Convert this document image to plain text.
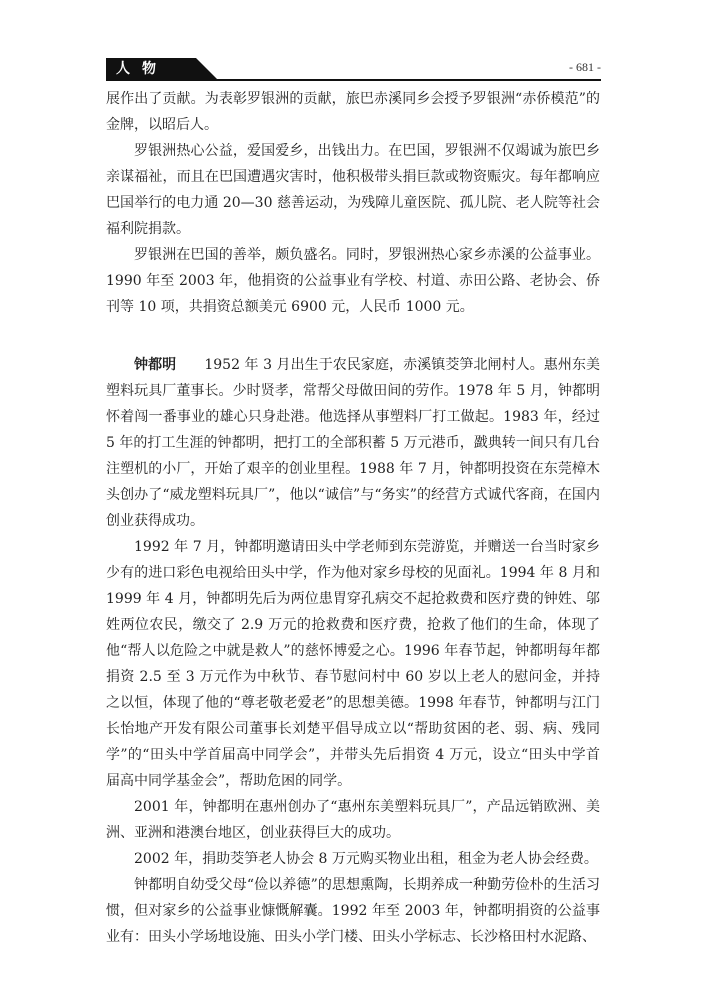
人物	- 681 -

展作出了贡献。为表彰罗银洲的贡献，旅巴赤溪同乡会授予罗银洲“赤侨模范”的金牌，以昭后人。

罗银洲热心公益，爱国爱乡，出钱出力。在巴国，罗银洲不仅竭诚为旅巴乡亲谋福祉，而且在巴国遭遇灾害时，他积极带头捐巨款或物资赈灾。每年都响应巴国举行的电力通 20—30 慈善运动，为残障儿童医院、孤儿院、老人院等社会福利院捐款。

罗银洲在巴国的善举，颇负盛名。同时，罗银洲热心家乡赤溪的公益事业。1990 年至 2003 年，他捐资的公益事业有学校、村道、赤田公路、老协会、侨刊等 10 项，共捐资总额美元 6900 元，人民币 1000 元。

钟都明　　 1952 年 3 月出生于农民家庭，赤溪镇茭笋北闸村人。惠州东美塑料玩具厂董事长。少时贤孝，常帮父母做田间的劳作。1978 年 5 月，钟都明怀着闯一番事业的雄心只身赴港。他选择从事塑料厂打工做起。1983 年，经过 5 年的打工生涯的钟都明，把打工的全部积蓄 5 万元港币，戤典转一间只有几台注塑机的小厂，开始了艰辛的创业里程。1988 年 7 月，钟都明投资在东莞樟木头创办了“威龙塑料玩具厂”，他以“诚信”与“务实”的经营方式诚代客商，在国内创业获得成功。

1992 年 7 月，钟都明邀请田头中学老师到东莞游览，并赠送一台当时家乡少有的进口彩色电视给田头中学，作为他对家乡母校的见面礼。1994 年 8 月和 1999 年 4 月，钟都明先后为两位患胃穿孔病交不起抢救费和医疗费的钟姓、邬姓两位农民，缴交了 2.9 万元的抢救费和医疗费，抢救了他们的生命，体现了他“帮人以危险之中就是救人”的慈怀博爱之心。1996 年春节起，钟都明每年都捐资 2.5 至 3 万元作为中秋节、春节慰问村中 60 岁以上老人的慰问金，并持之以恒，体现了他的“尊老敬老爱老”的思想美德。1998 年春节，钟都明与江门长怡地产开发有限公司董事长刘楚平倡导成立以“帮助贫困的老、弱、病、残同学”的“田头中学首届高中同学会”，并带头先后捐资 4 万元，设立“田头中学首届高中同学基金会”，帮助危困的同学。

2001 年，钟都明在惠州创办了“惠州东美塑料玩具厂”，产品远销欧洲、美洲、亚洲和港澳台地区，创业获得巨大的成功。

2002 年，捐助茭笋老人协会 8 万元购买物业出租，租金为老人协会经费。

钟都明自幼受父母“俭以养德”的思想熏陶，长期养成一种勤劳俭朴的生活习惯，但对家乡的公益事业慷慨解囊。1992 年至 2003 年，钟都明捐资的公益事业有：田头小学场地设施、田头小学门楼、田头小学标志、长沙格田村水泥路、
